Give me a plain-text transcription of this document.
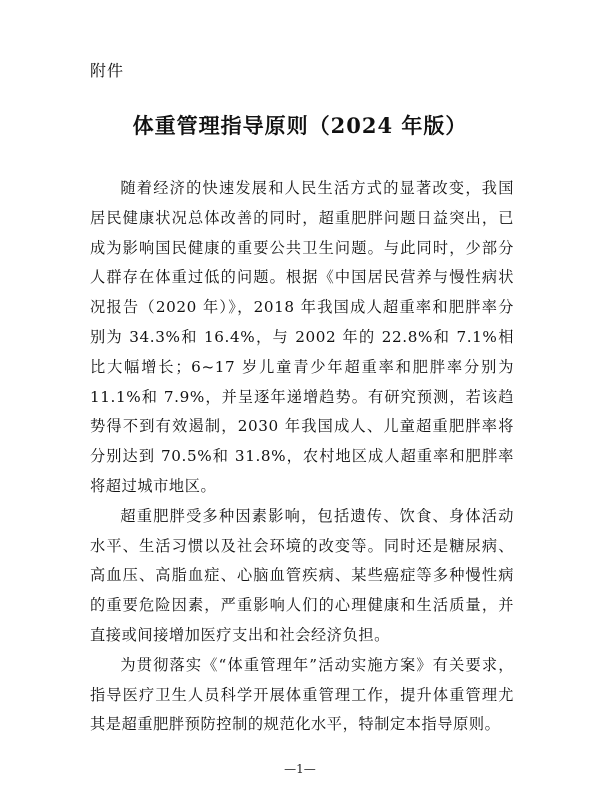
附件
体重管理指导原则（2024 年版）

随着经济的快速发展和人民生活方式的显著改变，我国居民健康状况总体改善的同时，超重肥胖问题日益突出，已成为影响国民健康的重要公共卫生问题。与此同时，少部分人群存在体重过低的问题。根据《中国居民营养与慢性病状况报告（2020 年）》，2018 年我国成人超重率和肥胖率分别为 34.3%和 16.4%，与 2002 年的 22.8%和 7.1%相比大幅增长；6~17 岁儿童青少年超重率和肥胖率分别为 11.1%和 7.9%，并呈逐年递增趋势。有研究预测，若该趋势得不到有效遏制，2030 年我国成人、儿童超重肥胖率将分别达到 70.5%和 31.8%，农村地区成人超重率和肥胖率将超过城市地区。

超重肥胖受多种因素影响，包括遗传、饮食、身体活动水平、生活习惯以及社会环境的改变等。同时还是糖尿病、高血压、高脂血症、心脑血管疾病、某些癌症等多种慢性病的重要危险因素，严重影响人们的心理健康和生活质量，并直接或间接增加医疗支出和社会经济负担。

为贯彻落实《“体重管理年”活动实施方案》有关要求，指导医疗卫生人员科学开展体重管理工作，提升体重管理尤其是超重肥胖预防控制的规范化水平，特制定本指导原则。

—1—
